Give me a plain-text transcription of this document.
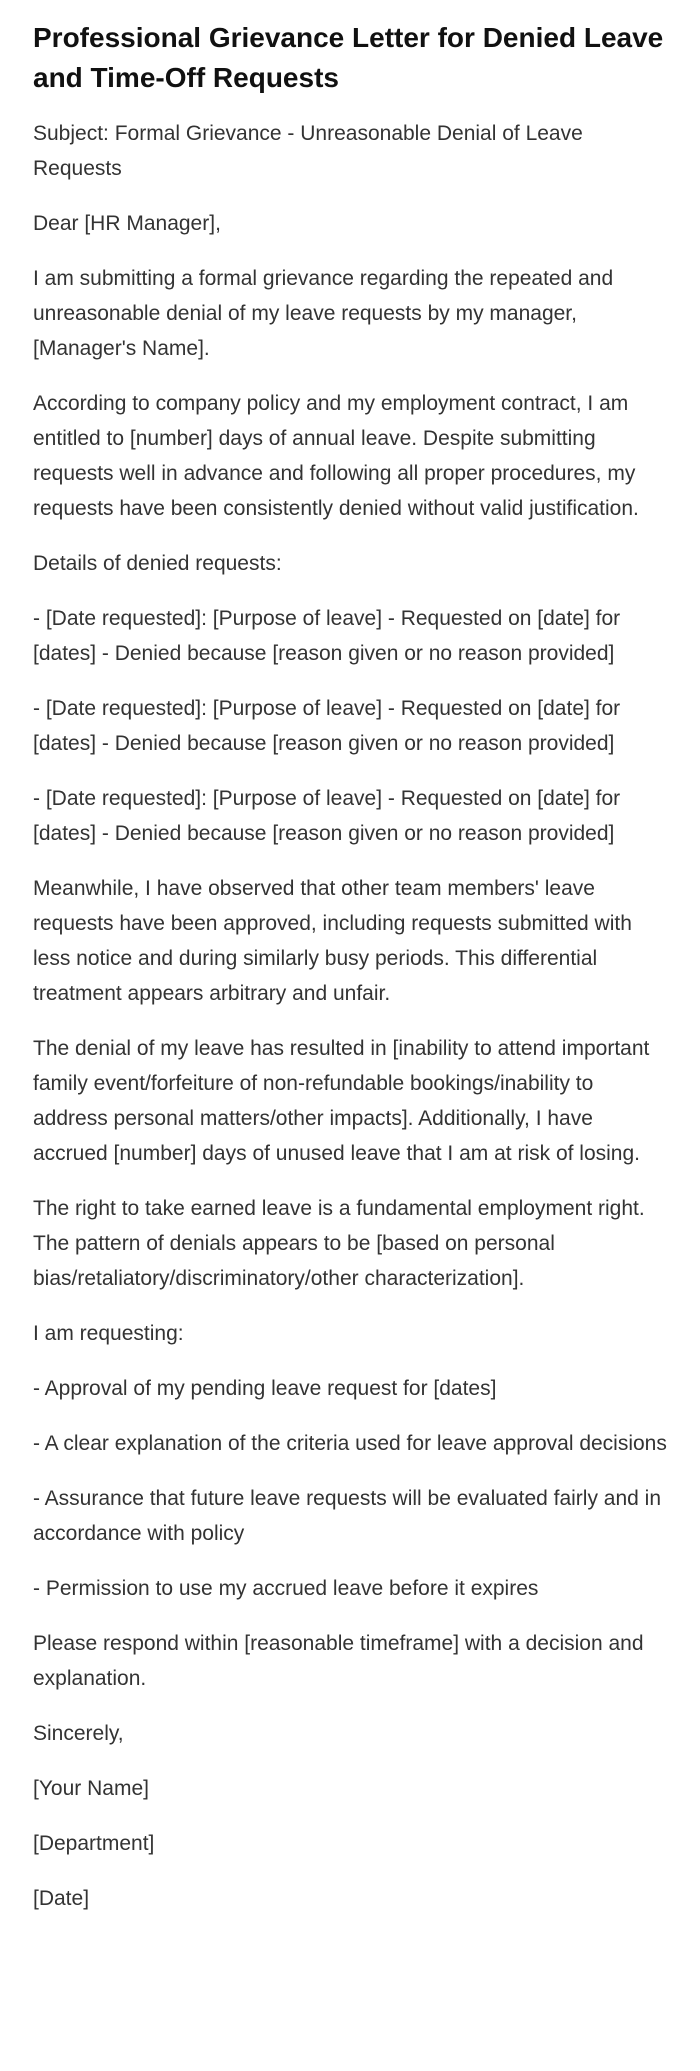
Professional Grievance Letter for Denied Leave and Time-Off Requests

Subject: Formal Grievance - Unreasonable Denial of Leave Requests

Dear [HR Manager],

I am submitting a formal grievance regarding the repeated and unreasonable denial of my leave requests by my manager, [Manager's Name].

According to company policy and my employment contract, I am entitled to [number] days of annual leave. Despite submitting requests well in advance and following all proper procedures, my requests have been consistently denied without valid justification.

Details of denied requests:

- [Date requested]: [Purpose of leave] - Requested on [date] for [dates] - Denied because [reason given or no reason provided]

- [Date requested]: [Purpose of leave] - Requested on [date] for [dates] - Denied because [reason given or no reason provided]

- [Date requested]: [Purpose of leave] - Requested on [date] for [dates] - Denied because [reason given or no reason provided]

Meanwhile, I have observed that other team members' leave requests have been approved, including requests submitted with less notice and during similarly busy periods. This differential treatment appears arbitrary and unfair.

The denial of my leave has resulted in [inability to attend important family event/forfeiture of non-refundable bookings/inability to address personal matters/other impacts]. Additionally, I have accrued [number] days of unused leave that I am at risk of losing.

The right to take earned leave is a fundamental employment right. The pattern of denials appears to be [based on personal bias/retaliatory/discriminatory/other characterization].

I am requesting:

- Approval of my pending leave request for [dates]

- A clear explanation of the criteria used for leave approval decisions

- Assurance that future leave requests will be evaluated fairly and in accordance with policy

- Permission to use my accrued leave before it expires

Please respond within [reasonable timeframe] with a decision and explanation.

Sincerely,

[Your Name]

[Department]

[Date]
